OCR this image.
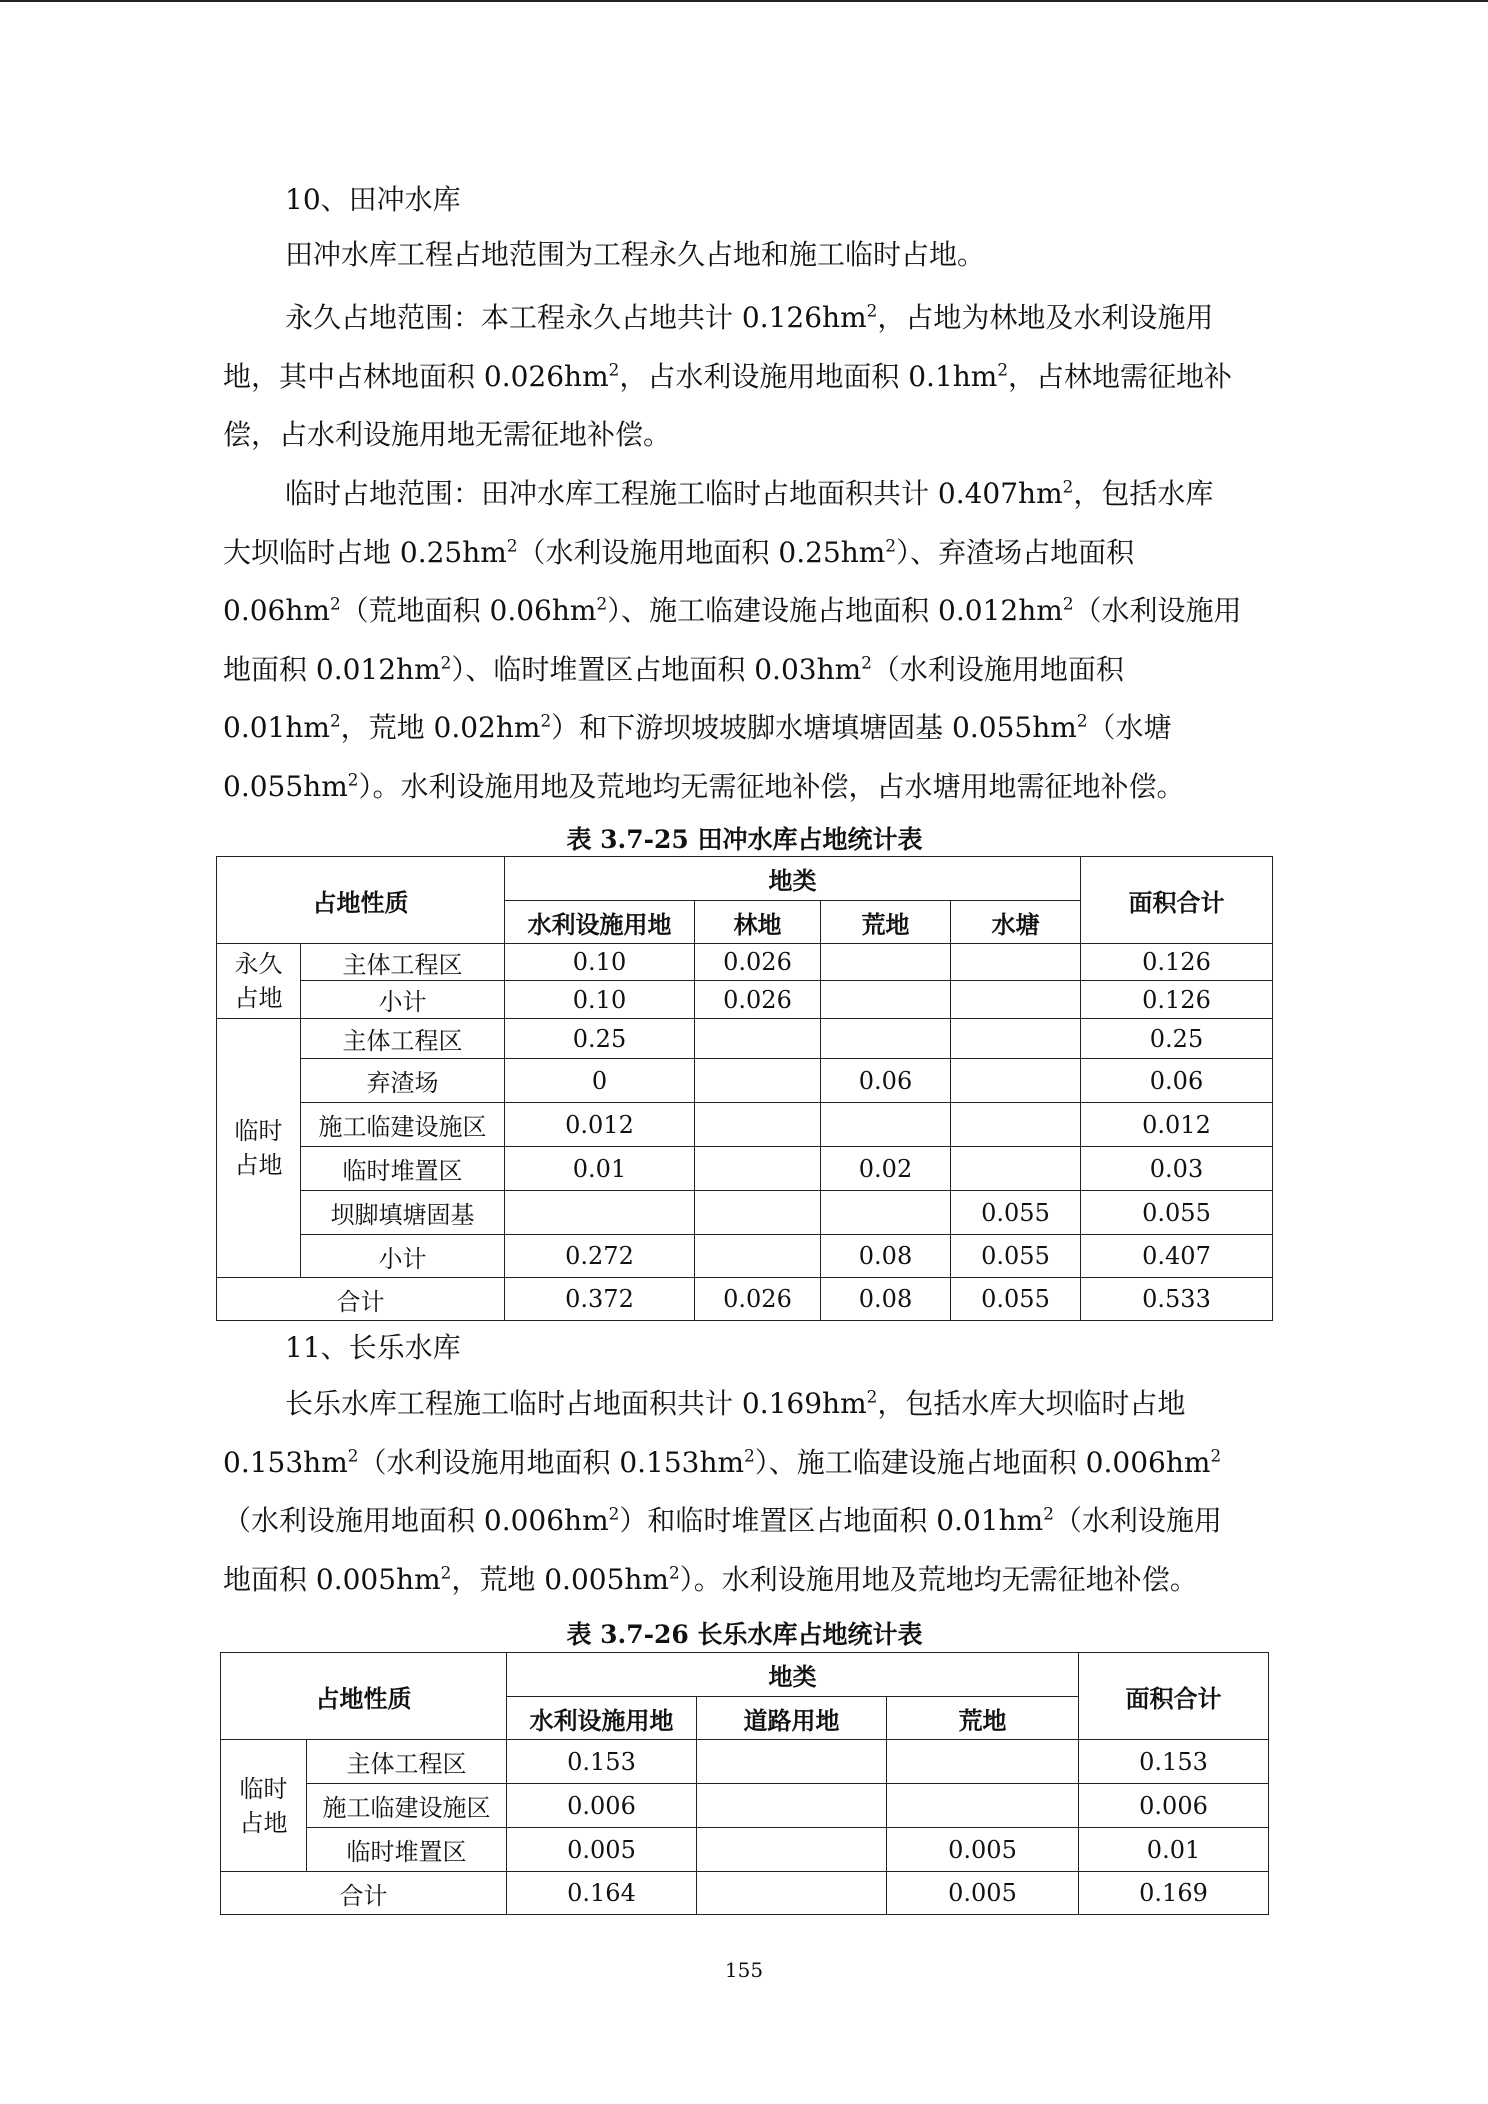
10、田冲水库
田冲水库工程占地范围为工程永久占地和施工临时占地。
永久占地范围：本工程永久占地共计 $0.126hm^2$，占地为林地及水利设施用
地，其中占林地面积 $0.026hm^2$，占水利设施用地面积 $0.1hm^2$，占林地需征地补
偿，占水利设施用地无需征地补偿。
临时占地范围：田冲水库工程施工临时占地面积共计 $0.407hm^2$，包括水库
大坝临时占地 $0.25hm^2$（水利设施用地面积 $0.25hm^2$）、弃渣场占地面积
$0.06hm^2$（荒地面积 $0.06hm^2$）、施工临建设施占地面积 $0.012hm^2$（水利设施用
地面积 $0.012hm^2$）、临时堆置区占地面积 $0.03hm^2$（水利设施用地面积
$0.01hm^2$，荒地 $0.02hm^2$）和下游坝坡坡脚水塘填塘固基 $0.055hm^2$（水塘
$0.055hm^2$）。水利设施用地及荒地均无需征地补偿，占水塘用地需征地补偿。
表 3.7-25 田冲水库占地统计表
11、长乐水库
长乐水库工程施工临时占地面积共计 $0.169hm^2$，包括水库大坝临时占地
$0.153hm^2$（水利设施用地面积 $0.153hm^2$）、施工临建设施占地面积 $0.006hm^2$
（水利设施用地面积 $0.006hm^2$）和临时堆置区占地面积 $0.01hm^2$（水利设施用
地面积 $0.005hm^2$，荒地 $0.005hm^2$）。水利设施用地及荒地均无需征地补偿。
表 3.7-26 长乐水库占地统计表
占地性质		地类				面积合计
		水利设施用地	林地	荒地	水塘	
永久
占地	主体工程区	0.10	0.026			0.126
	小计	0.10	0.026			0.126
临时
占地	主体工程区	0.25				0.25
	弃渣场	0		0.06		0.06
	施工临建设施区	0.012				0.012
	临时堆置区	0.01		0.02		0.03
	坝脚填塘固基				0.055	0.055
	小计	0.272		0.08	0.055	0.407
合计		0.372	0.026	0.08	0.055	0.533
占地性质		地类			面积合计
		水利设施用地	道路用地	荒地	
临时
占地	主体工程区	0.153			0.153
	施工临建设施区	0.006			0.006
	临时堆置区	0.005		0.005	0.01
合计		0.164		0.005	0.169
155
